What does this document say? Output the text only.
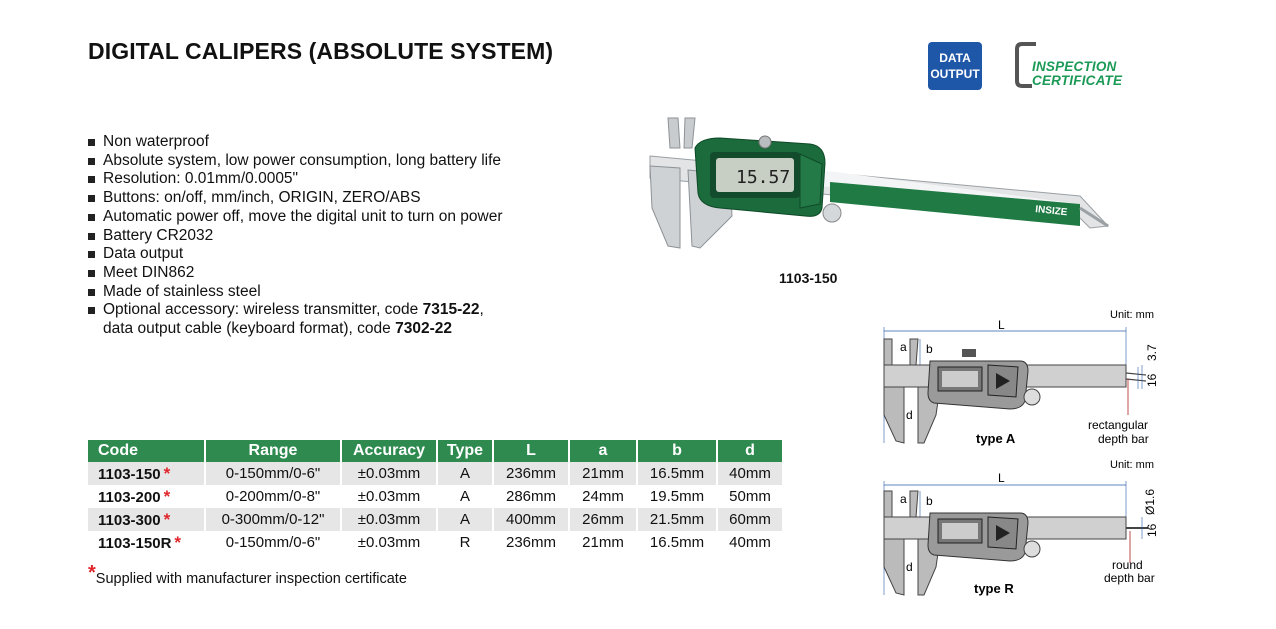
DIGITAL CALIPERS (ABSOLUTE SYSTEM)	DATA
OUTPUT	INSPECTION
CERTIFICATE
Non waterproof
Absolute system, low power consumption, long battery life
Resolution: 0.01mm/0.0005"
Buttons: on/off, mm/inch, ORIGIN, ZERO/ABS
Automatic power off, move the digital unit to turn on power
Battery CR2032
Data output
Meet DIN862
Made of stainless steel
Optional accessory: wireless transmitter, code 7315-22,
data output cable (keyboard format), code 7302-22
INSIZE
15.57
1103-150
Code	Range	Accuracy	Type	L	a	b	d
1103-150 *	0-150mm/0-6"	±0.03mm	A	236mm	21mm	16.5mm	40mm
1103-200 *	0-200mm/0-8"	±0.03mm	A	286mm	24mm	19.5mm	50mm
1103-300 *	0-300mm/0-12"	±0.03mm	A	400mm	26mm	21.5mm	60mm
1103-150R *	0-150mm/0-6"	±0.03mm	R	236mm	21mm	16.5mm	40mm
*Supplied with manufacturer inspection certificate
Unit: mm
L
a b
d
3.7
16
rectangular
depth bar
type A
Unit: mm
L
a b
d
Ø1.6
16
round
depth bar
type R
